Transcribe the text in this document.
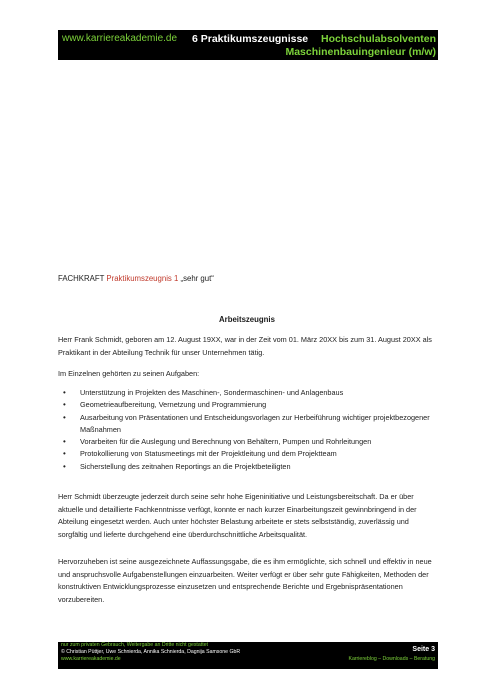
www.karriereakademie.de 6 Praktikumszeugnisse Hochschulabsolventen
Maschinenbauingenieur (m/w)
FACHKRAFT Praktikumszeugnis 1 „sehr gut“
Arbeitszeugnis

Herr Frank Schmidt, geboren am 12. August 19XX, war in der Zeit vom 01. März 20XX bis zum 31. August 20XX als Praktikant in der Abteilung Technik für unser Unternehmen tätig.

Im Einzelnen gehörten zu seinen Aufgaben:

• Unterstützung in Projekten des Maschinen-, Sondermaschinen- und Anlagenbaus
• Geometrieaufbereitung, Vernetzung und Programmierung
• Ausarbeitung von Präsentationen und Entscheidungsvorlagen zur Herbeiführung wichtiger projektbezogener Maßnahmen
• Vorarbeiten für die Auslegung und Berechnung von Behältern, Pumpen und Rohrleitungen
• Protokollierung von Statusmeetings mit der Projektleitung und dem Projektteam
• Sicherstellung des zeitnahen Reportings an die Projektbeteiligten

Herr Schmidt überzeugte jederzeit durch seine sehr hohe Eigeninitiative und Leistungsbereitschaft. Da er über aktuelle und detaillierte Fachkenntnisse verfügt, konnte er nach kurzer Einarbeitungszeit gewinnbringend in der Abteilung eingesetzt werden. Auch unter höchster Belastung arbeitete er stets selbstständig, zuverlässig und sorgfältig und lieferte durchgehend eine überdurchschnittliche Arbeitsqualität.

Hervorzuheben ist seine ausgezeichnete Auffassungsgabe, die es ihm ermöglichte, sich schnell und effektiv in neue und anspruchsvolle Aufgabenstellungen einzuarbeiten. Weiter verfügt er über sehr gute Fähigkeiten, Methoden der konstruktiven Entwicklungsprozesse einzusetzen und entsprechende Berichte und Ergebnispräsentationen vorzubereiten.

nur zum privaten Gebrauch, Weitergabe an Dritte nicht gestattet
© Christian Püttjer, Uwe Schnierda, Annika Schnierda, Dagnija Samsone GbR
www.karriereakademie.de
Seite 3
Karriereblog – Downloads – Beratung
